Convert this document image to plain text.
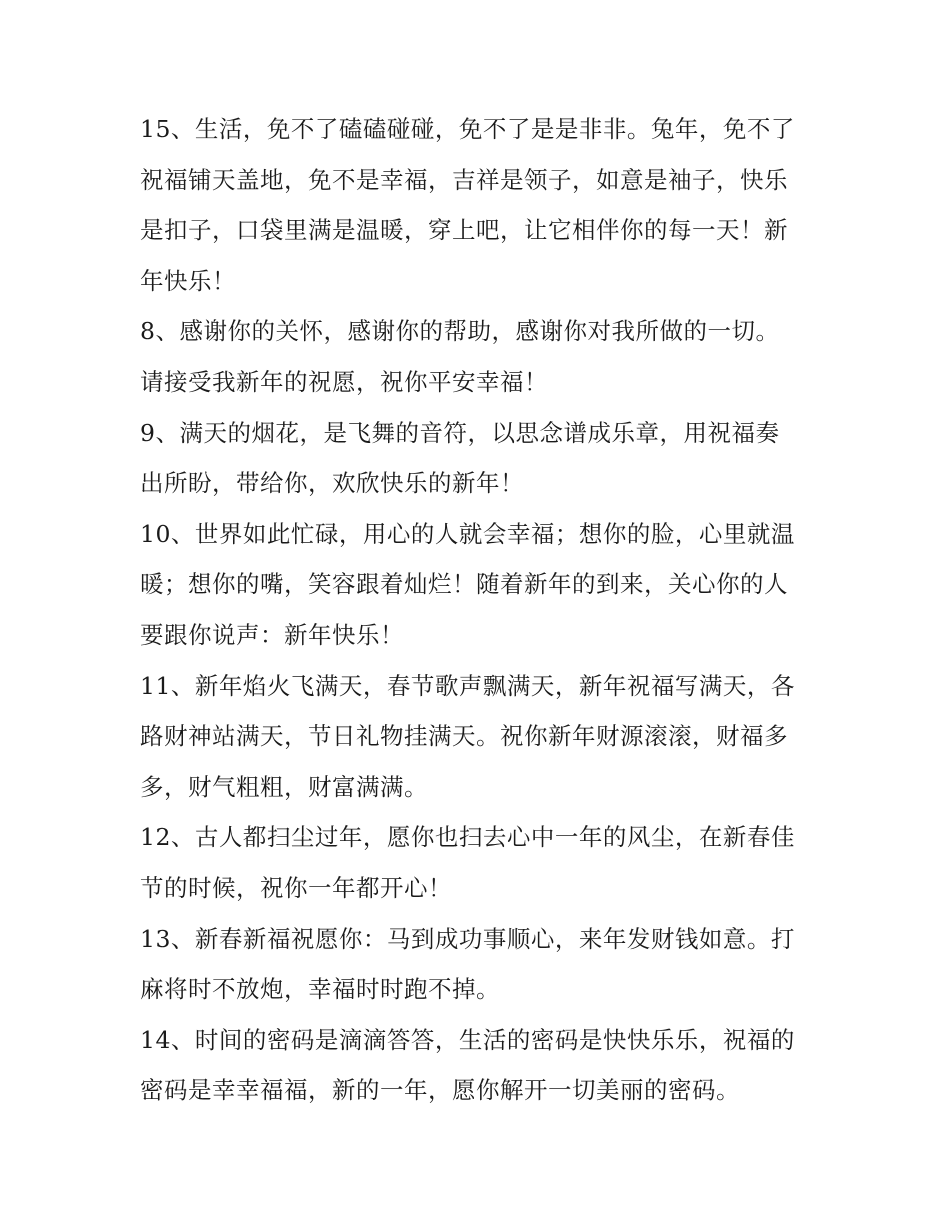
15、生活，免不了磕磕碰碰，免不了是是非非。兔年，免不了
祝福铺天盖地，免不是幸福，吉祥是领子，如意是袖子，快乐
是扣子，口袋里满是温暖，穿上吧，让它相伴你的每一天！新
年快乐！
8、感谢你的关怀，感谢你的帮助，感谢你对我所做的一切。
请接受我新年的祝愿，祝你平安幸福！
9、满天的烟花，是飞舞的音符，以思念谱成乐章，用祝福奏
出所盼，带给你，欢欣快乐的新年！
10、世界如此忙碌，用心的人就会幸福；想你的脸，心里就温
暖；想你的嘴，笑容跟着灿烂！随着新年的到来，关心你的人
要跟你说声：新年快乐！
11、新年焰火飞满天，春节歌声飘满天，新年祝福写满天，各
路财神站满天，节日礼物挂满天。祝你新年财源滚滚，财福多
多，财气粗粗，财富满满。
12、古人都扫尘过年，愿你也扫去心中一年的风尘，在新春佳
节的时候，祝你一年都开心！
13、新春新福祝愿你：马到成功事顺心，来年发财钱如意。打
麻将时不放炮，幸福时时跑不掉。
14、时间的密码是滴滴答答，生活的密码是快快乐乐，祝福的
密码是幸幸福福，新的一年，愿你解开一切美丽的密码。
